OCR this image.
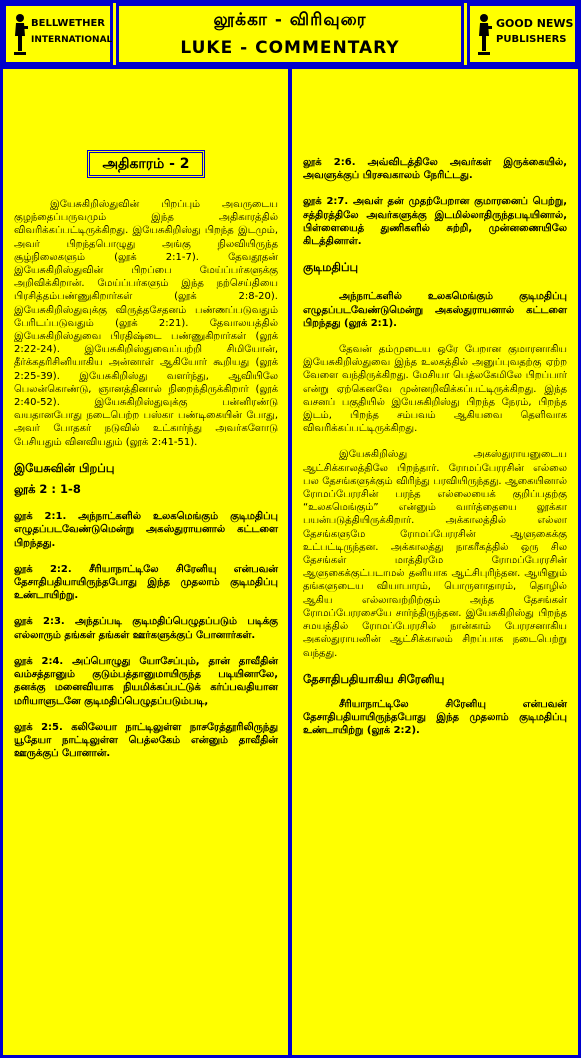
BELLWETHER
INTERNATIONAL
லூக்கா - விரிவுரை
LUKE - COMMENTARY
GOOD NEWS
PUBLISHERS
அதிகாரம் - 2

இயேசுகிறிஸ்துவின் பிறப்பும் அவருடைய குழந்தைப்பருவமும் இந்த அதிகாரத்தில் விவரிக்கப்பட்டிருக்கிறது. இயேசுகிறிஸ்து பிறந்த இடமும், அவர் பிறந்தபொழுது அங்கு நிலவியிருந்த சூழ்நிலைகளும் (லூக் 2:1-7). தேவதூதன் இயேசுகிறிஸ்துவின் பிறப்பை மேய்ப்பர்களுக்கு அறிவிக்கிறான். மேய்ப்பர்களும் இந்த நற்செய்தியை பிரசித்தம்பண்ணுகிறார்கள் (லூக் 2:8-20). இயேசுகிறிஸ்துவுக்கு விருத்தசேதனம் பண்ணப்படுவதும் பேரிடப்படுவதும் (லூக் 2:21). தேவாலயத்தில் இயேசுகிறிஸ்துவை பிரதிஷ்டை பண்ணுகிறார்கள் (லூக் 2:22-24). இயேசுகிறிஸ்துவைப்பற்றி சிமியோன், தீர்க்கதரிசினியாகிய அன்னாள் ஆகியோர் கூறியது (லூக் 2:25-39). இயேசுகிறிஸ்து வளர்ந்து, ஆவியிலே பெலன்கொண்டு, ஞானத்தினால் நிறைந்திருக்கிறார் (லூக் 2:40-52). இயேசுகிறிஸ்துவுக்கு பன்னிரண்டு வயதானபோது நடைபெற்ற பஸ்கா பண்டிகையின் போது, அவர் போதகர் நடுவில் உட்கார்ந்து அவர்களோடு பேசியதும் வினவியதும் (லூக் 2:41-51).

இயேசுவின் பிறப்பு
லூக் 2 : 1-8

லூக் 2:1. அந்நாட்களில் உலகமெங்கும் குடிமதிப்பு எழுதப்படவேண்டுமென்று அகஸ்துராயனால் கட்டளை பிறந்தது.

லூக் 2:2. சீரியாநாட்டிலே சிரேனியு என்பவன் தேசாதிபதியாயிருந்தபோது இந்த முதலாம் குடிமதிப்பு உண்டாயிற்று.

லூக் 2:3. அந்தப்படி குடிமதிப்பெழுதப்படும் படிக்கு எல்லாரும் தங்கள் தங்கள் ஊர்களுக்குப் போனார்கள்.

லூக் 2:4. அப்பொழுது யோசேப்பும், தான் தாவீதின் வம்சத்தானும் குடும்பத்தானுமாயிருந்த படியினாலே, தனக்கு மனைவியாக நியமிக்கப்பட்டுக் கர்ப்பவதியான மரியாளுடனே குடிமதிப்பெழுதப்படும்படி,

லூக் 2:5. கலிலேயா நாட்டிலுள்ள நாசரேத்தூரிலிருந்து யூதேயா நாட்டிலுள்ள பெத்லகேம் என்னும் தாவீதின் ஊருக்குப் போனான்.

லூக் 2:6. அவ்விடத்திலே அவர்கள் இருக்கையில், அவளுக்குப் பிரசவகாலம் நேரிட்டது.

லூக் 2:7. அவள் தன் முதற்பேறான குமாரனைப் பெற்று, சத்திரத்திலே அவர்களுக்கு இடமில்லாதிருந்தபடியினால், பிள்ளையைத் துணிகளில் சுற்றி, முன்னணையிலே கிடத்தினாள்.

குடிமதிப்பு

அந்நாட்களில் உலகமெங்கும் குடிமதிப்பு எழுதப்படவேண்டுமென்று அகஸ்துராயனால் கட்டளை பிறந்தது (லூக் 2:1).

தேவன் தம்முடைய ஒரே பேறான குமாரனாகிய இயேசுகிறிஸ்துவை இந்த உலகத்தில் அனுப்புவதற்கு ஏற்ற வேளை வந்திருக்கிறது. மேசியா பெத்லகேமிலே பிறப்பார் என்று ஏற்கெனவே முன்னறிவிக்கப்பட்டிருக்கிறது. இந்த வசனப் பகுதியில் இயேசுகிறிஸ்து பிறந்த நேரம், பிறந்த இடம், பிறந்த சம்பவம் ஆகியவை தெளிவாக விவரிக்கப்பட்டிருக்கிறது.

இயேசுகிறிஸ்து அகஸ்துராயனுடைய ஆட்சிக்காலத்திலே பிறந்தார். ரோமப்பேரரசின் எல்லை பல தேசங்களுக்கும் விரிந்து பரவியிருந்தது. ஆகையினால் ரோமப்பேரரசின் பரந்த எல்லையைக் குறிப்பதற்கு “உலகமெங்கும்” என்னும் வார்த்தையை லூக்கா பயன்படுத்தியிருக்கிறார். அக்காலத்தில் எல்லா தேசங்களுமே ரோமப்பேரரசின் ஆளுகைக்கு உட்பட்டிருந்தன. அக்காலத்து நாகரீகத்தில் ஒரு சில தேசங்கள் மாத்திரமே ரோமப்பேரரசின் ஆளுகைக்குட்படாமல் தனியாக ஆட்சிபுரிந்தன. ஆயினும் தங்களுடைய வியாபாரம், பொருளாதாரம், தொழில் ஆகிய எல்லாவற்றிற்கும் அந்த தேசங்கள் ரோமப்பேரரசையே சார்ந்திருந்தன. இயேசுகிறிஸ்து பிறந்த சமயத்தில் ரோமப்பேரரசில் நான்காம் பேரரசனாகிய அகஸ்துராயனின் ஆட்சிக்காலம் சிறப்பாக நடைபெற்று வந்தது.

தேசாதிபதியாகிய சிரேனியு

சீரியாநாட்டிலே சிரேனியு என்பவன் தேசாதிபதியாயிருந்தபோது இந்த முதலாம் குடிமதிப்பு உண்டாயிற்று (லூக் 2:2).
